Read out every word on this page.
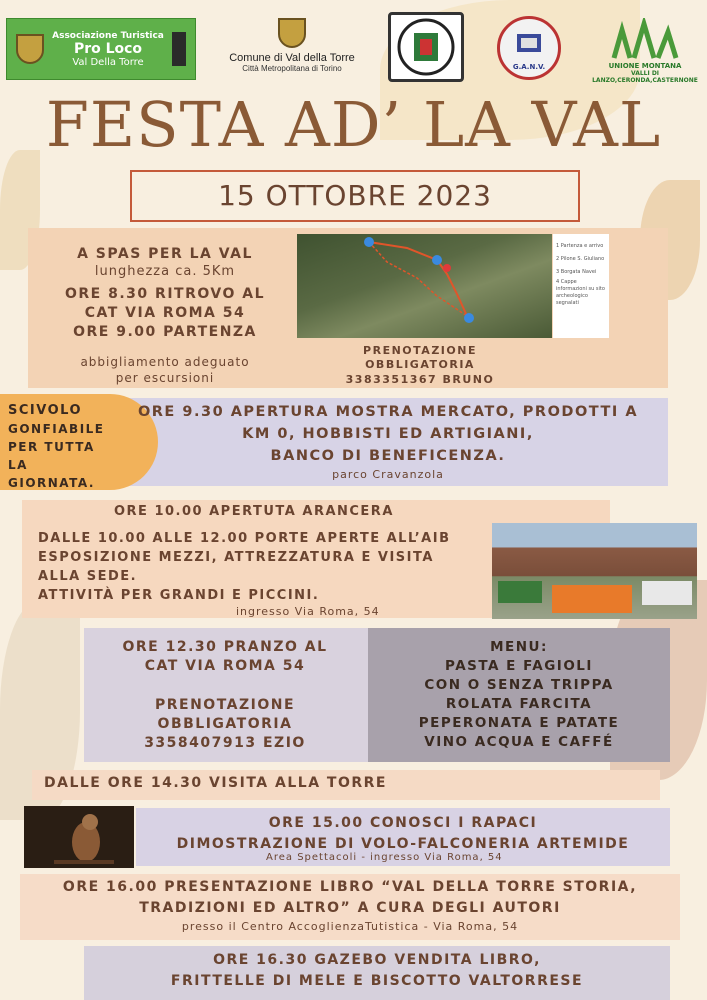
Associazione Turistica
Pro Loco
Val Della Torre	Comune di Val della Torre
Città Metropolitana di Torino	G.A.N.V.	UNIONE MONTANA
VALLI DI LANZO,CERONDA,CASTERNONE
FESTA AD’ LA VAL
15 OTTOBRE 2023
A SPAS PER LA VAL
lunghezza ca. 5Km
ORE 8.30 RITROVO AL
CAT VIA ROMA 54
ORE 9.00 PARTENZA
abbigliamento adeguato
per escursioni
1 Partenza e arrivo
2 Pilone S. Giuliano
3 Borgata Navei
4 Cappe informazioni su sito archeologico segnalati
PRENOTAZIONE
OBBLIGATORIA
3383351367 BRUNO
SCIVOLO
GONFIABILE
PER TUTTA
LA
GIORNATA.
ORE 9.30 APERTURA MOSTRA MERCATO, PRODOTTI A
KM 0, HOBBISTI ED ARTIGIANI,
BANCO DI BENEFICENZA.
parco Cravanzola
ORE 10.00 APERTUTA ARANCERA
DALLE 10.00 ALLE 12.00 PORTE APERTE ALL’AIB
ESPOSIZIONE MEZZI, ATTREZZATURA E VISITA
ALLA SEDE.
ATTIVITÀ PER GRANDI E PICCINI.
ingresso Via Roma, 54
ORE 12.30 PRANZO AL
CAT VIA ROMA 54
PRENOTAZIONE
OBBLIGATORIA
3358407913 EZIO
MENU:
PASTA E FAGIOLI
CON O SENZA TRIPPA
ROLATA FARCITA
PEPERONATA E PATATE
VINO ACQUA E CAFFÉ
DALLE ORE 14.30 VISITA ALLA TORRE
ORE 15.00 CONOSCI I RAPACI
DIMOSTRAZIONE DI VOLO-FALCONERIA ARTEMIDE
Area Spettacoli - ingresso Via Roma, 54
ORE 16.00 PRESENTAZIONE LIBRO “VAL DELLA TORRE STORIA,
TRADIZIONI ED ALTRO” A CURA DEGLI AUTORI
presso il Centro AccoglienzaTutistica - Via Roma, 54
ORE 16.30 GAZEBO VENDITA LIBRO,
FRITTELLE DI MELE E BISCOTTO VALTORRESE
